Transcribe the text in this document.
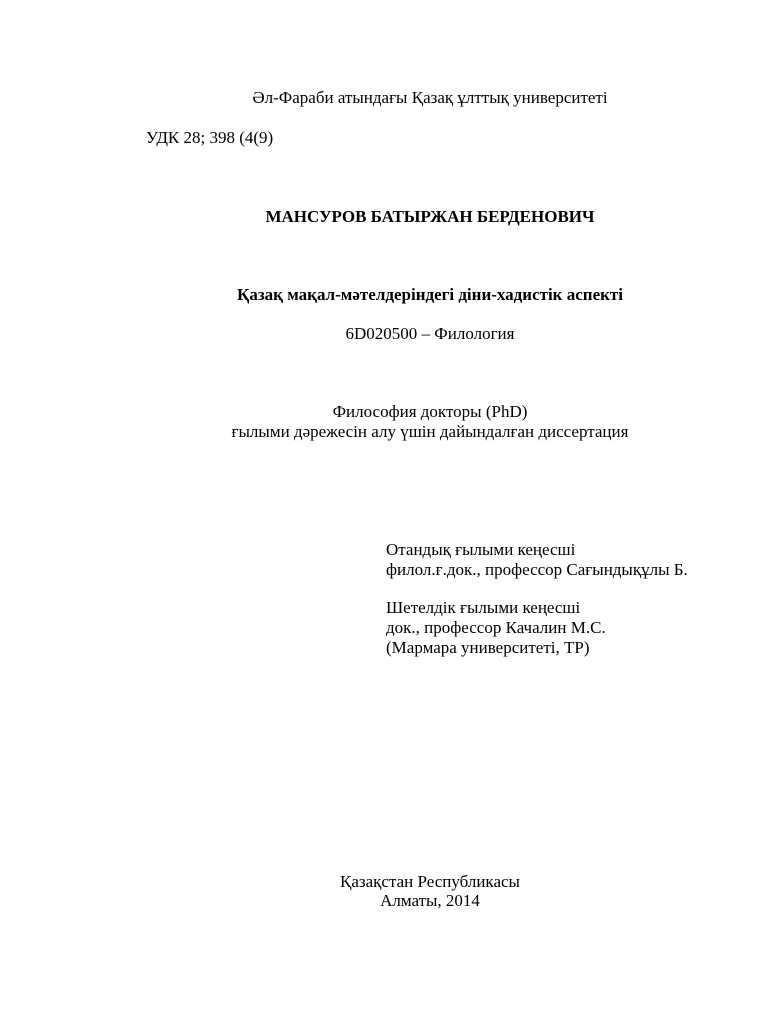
Әл-Фараби атындағы Қазақ ұлттық университеті
УДК 28; 398 (4(9)
МАНСУРОВ БАТЫРЖАН БЕРДЕНОВИЧ
Қазақ мақал-мәтелдеріндегі діни-хадистік аспекті
6D020500 – Филология
Философия докторы (PhD)
ғылыми дәрежесін алу үшін дайындалған диссертация
Отандық ғылыми кеңесші
филол.ғ.док., профессор Сағындықұлы Б.
Шетелдік ғылыми кеңесші
док., профессор Качалин М.С.
(Мармара университеті, ТР)
Қазақстан Республикасы
Алматы, 2014
